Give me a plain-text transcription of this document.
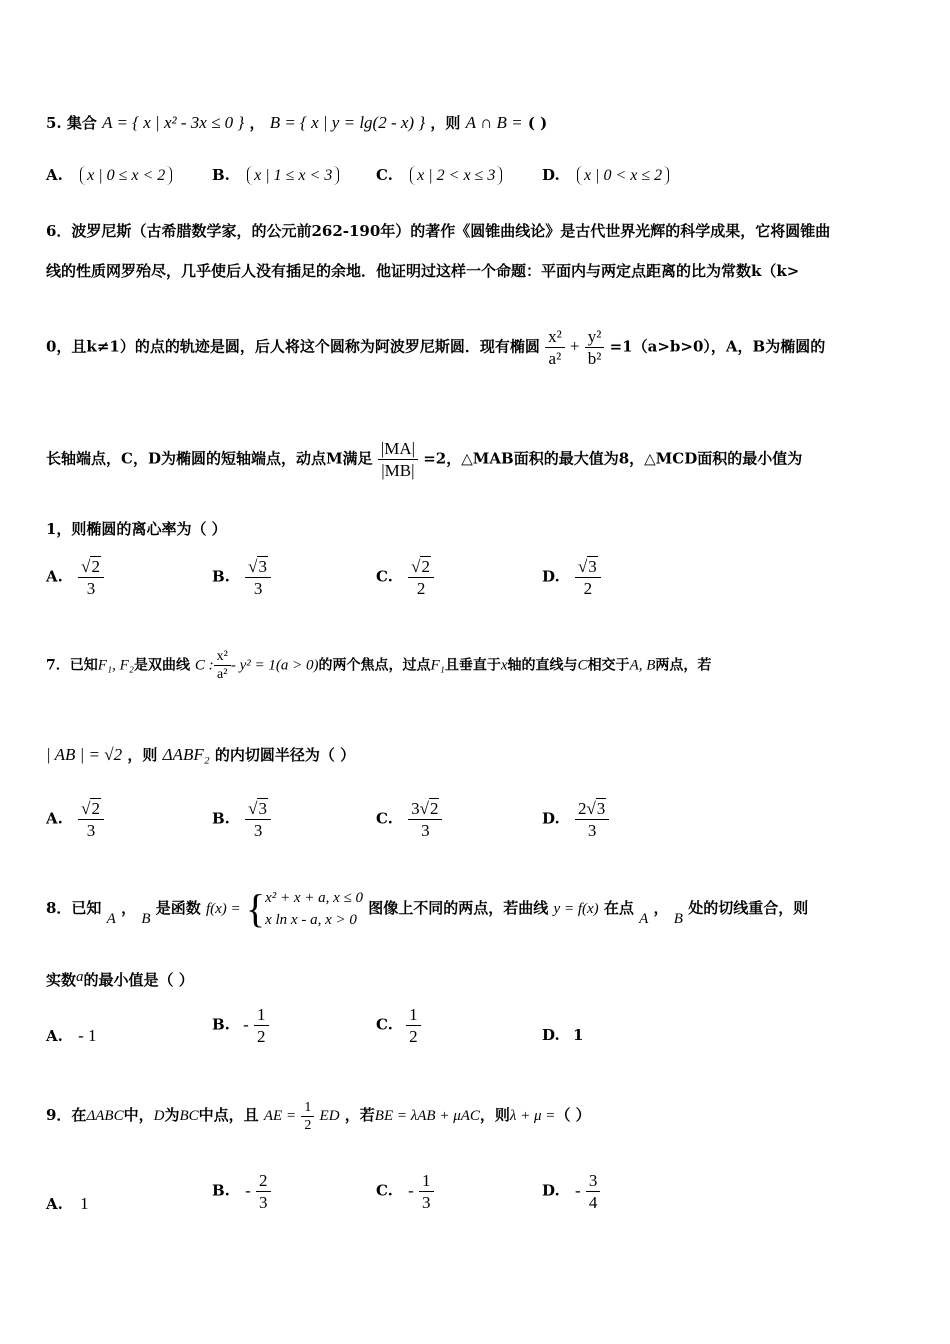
5. 集合 A = { x | x² - 3x ≤ 0 } ， B = { x | y = lg(2 - x) } ，则 A ∩ B = ( )
A. x | 0 ≤ x < 2	B. x | 1 ≤ x < 3	C. x | 2 < x ≤ 3	D. x | 0 < x ≤ 2
6．波罗尼斯（古希腊数学家，的公元前262-190年）的著作《圆锥曲线论》是古代世界光辉的科学成果，它将圆锥曲
线的性质网罗殆尽，几乎使后人没有插足的余地．他证明过这样一个命题：平面内与两定点距离的比为常数k（k>
0，且k≠1）的点的轨迹是圆，后人将这个圆称为阿波罗尼斯圆．现有椭圆 $\frac{\text{x²}}{\text{a²}} + \frac{\text{y²}}{\text{b²}} =1(a>b>0)$，A，B为椭圆的
长轴端点，C，D为椭圆的短轴端点，动点M满足 $\frac{|MA|}{|MB|} =2$，△MAB面积的最大值为8，△MCD面积的最小值为
1，则椭圆的离心率为（ ）
A. $\frac{√2}{3}$	B. $\frac{√3}{3}$	C. $\frac{√2}{2}$	D. $\frac{√3}{2}$
7．已知F₁, F₂是双曲线 C : $\frac{\text{x²}}{\text{a²}} - y^2 = 1(a > 0)$的两个焦点，过点F₁且垂直于x轴的直线与C相交于A, B两点，若
| AB | = √2 ，则 ΔABF₂ 的内切圆半径为（ ）
A. $\frac{√2}{3}$	B. $\frac{√3}{3}$	C. $\frac{3√2}{3}$	D. $\frac{2√3}{3}$
8．已知 A ， B 是函数 f(x) = { x² + x + a, x ≤ 0
x ln x - a, x > 0
图像上不同的两点，若曲线 y = f(x) 在点 A ， B 处的切线重合，则
实数a的最小值是（ ）
A. - 1
B. - $\frac{1}{2}$	C. $\frac{1}{2}$	D. 1
9．在ΔABC中，D为BC中点，且 AE = $\frac{1}{2}$ ED ，若BE = λAB + μAC，则λ + μ =（ ）
A. 1
B. - $\frac{2}{3}$	C. - $\frac{1}{3}$	D. - $\frac{3}{4}$
